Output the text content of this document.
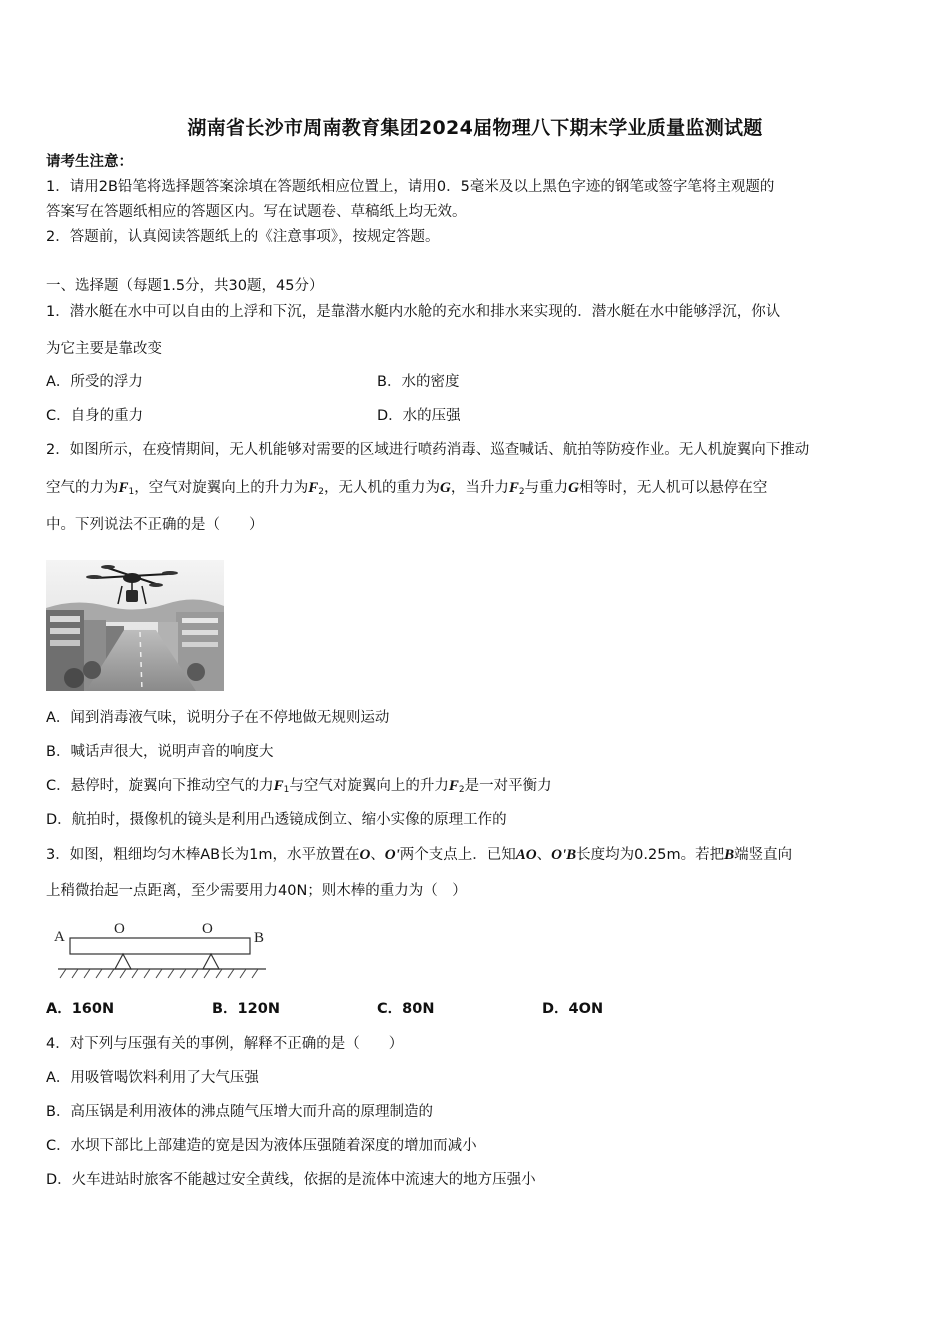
湖南省长沙市周南教育集团2024届物理八下期末学业质量监测试题
请考生注意：
1．请用2B铅笔将选择题答案涂填在答题纸相应位置上，请用0．5毫米及以上黑色字迹的钢笔或签字笔将主观题的
答案写在答题纸相应的答题区内。写在试题卷、草稿纸上均无效。
2．答题前，认真阅读答题纸上的《注意事项》，按规定答题。
一、选择题（每题1.5分，共30题，45分）
1．潜水艇在水中可以自由的上浮和下沉，是靠潜水艇内水舱的充水和排水来实现的．潜水艇在水中能够浮沉，你认
为它主要是靠改变
A．所受的浮力	B．水的密度
C．自身的重力	D．水的压强
2．如图所示，在疫情期间，无人机能够对需要的区域进行喷药消毒、巡查喊话、航拍等防疫作业。无人机旋翼向下推动
空气的力为$F_1$，空气对旋翼向上的升力为$F_2$，无人机的重力为G，当升力$F_2$与重力G相等时，无人机可以悬停在空
中。下列说法不正确的是（　　）
A．闻到消毒液气味，说明分子在不停地做无规则运动
B．喊话声很大，说明声音的响度大
C．悬停时，旋翼向下推动空气的力$F_1$与空气对旋翼向上的升力$F_2$是一对平衡力
D．航拍时，摄像机的镜头是利用凸透镜成倒立、缩小实像的原理工作的
3．如图，粗细均匀木棒AB长为1m，水平放置在O、O'两个支点上．已知AO、O'B长度均为0.25m。若把B端竖直向
上稍微抬起一点距离，至少需要用力40N；则木棒的重力为（　）
A	O	O
B
A．160N	B．120N	C．80N	D．4ON
4．对下列与压强有关的事例，解释不正确的是（　　）
A．用吸管喝饮料利用了大气压强
B．高压锅是利用液体的沸点随气压增大而升高的原理制造的
C．水坝下部比上部建造的宽是因为液体压强随着深度的增加而减小
D．火车进站时旅客不能越过安全黄线，依据的是流体中流速大的地方压强小
